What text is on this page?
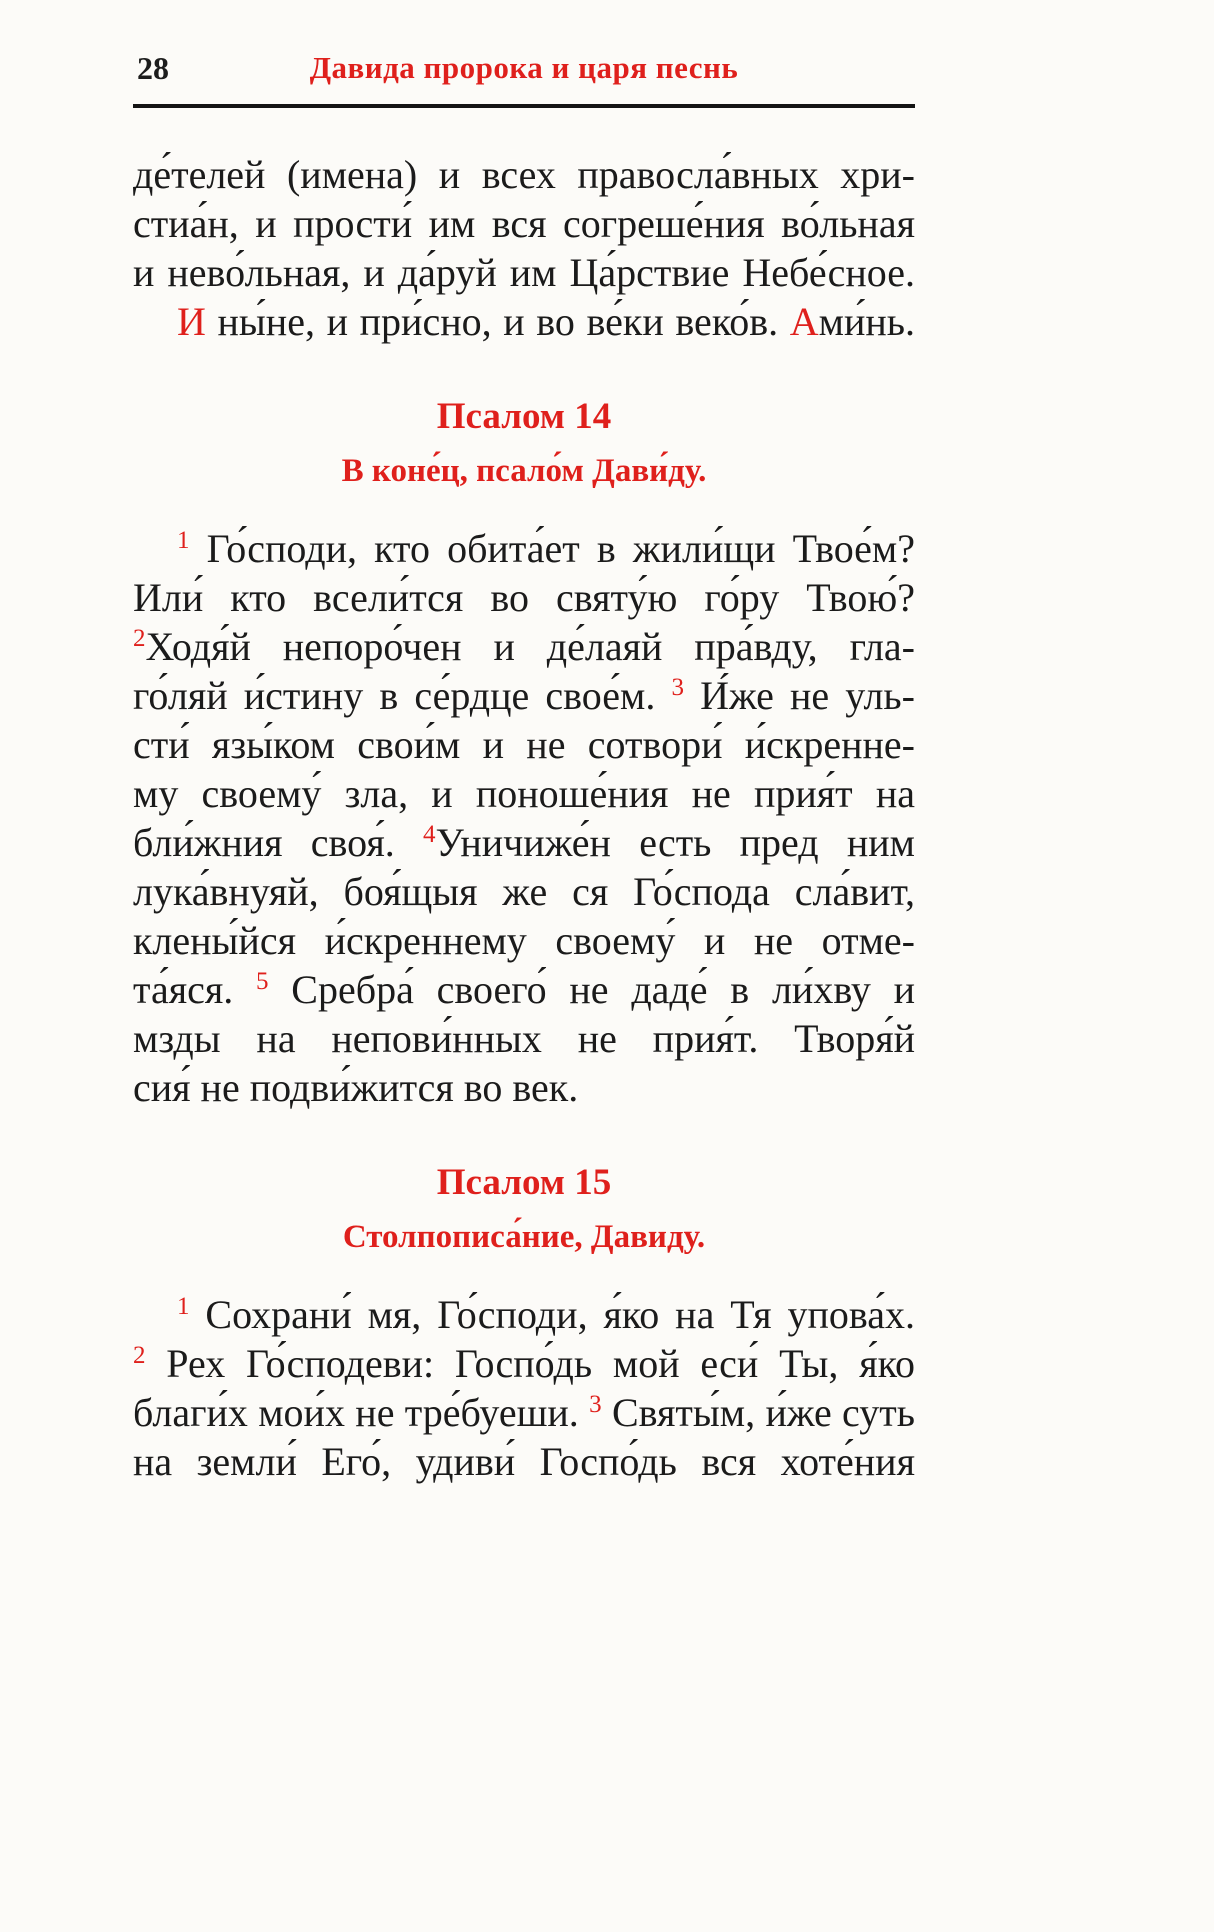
28	Давида пророка и царя песнь

де́телей (имена) и всех правосла́вных хри-

стиа́н, и прости́ им вся согреше́ния во́льная

и нево́льная, и да́руй им Ца́рствие Небе́сное.

И ны́не, и при́сно, и во ве́ки веко́в. Ами́нь.

Псалом 14
В коне́ц, псало́м Дави́ду.

$^1$ Го́споди, кто обита́ет в жили́щи Твое́м?

Или́ кто всели́тся во святу́ю го́ру Твою́?

$^2$Ходя́й непоро́чен и де́лаяй пра́вду, гла-

го́ляй и́стину в се́рдце свое́м. $^3$ И́же не уль-

сти́ язы́ком свои́м и не сотвори́ и́скренне-

му своему́ зла, и поноше́ния не прия́т на

бли́жния своя́. $^4$Уничиже́н есть пред ним

лука́внуяй, боя́щыя же ся Го́спода сла́вит,

клены́йся и́скреннему своему́ и не отме-

та́яся. $^5$ Сребра́ своего́ не даде́ в ли́хву и

мзды на непови́нных не прия́т. Творя́й

сия́ не подви́жится во век.

Псалом 15
Столпописа́ние, Давиду.

$^1$ Сохрани́ мя, Го́споди, я́ко на Тя упова́х.

$^2$ Рех Го́сподеви: Госпо́дь мой еси́ Ты, я́ко

благи́х мои́х не тре́буеши. $^3$ Святы́м, и́же суть

на земли́ Его́, удиви́ Госпо́дь вся хоте́ния
